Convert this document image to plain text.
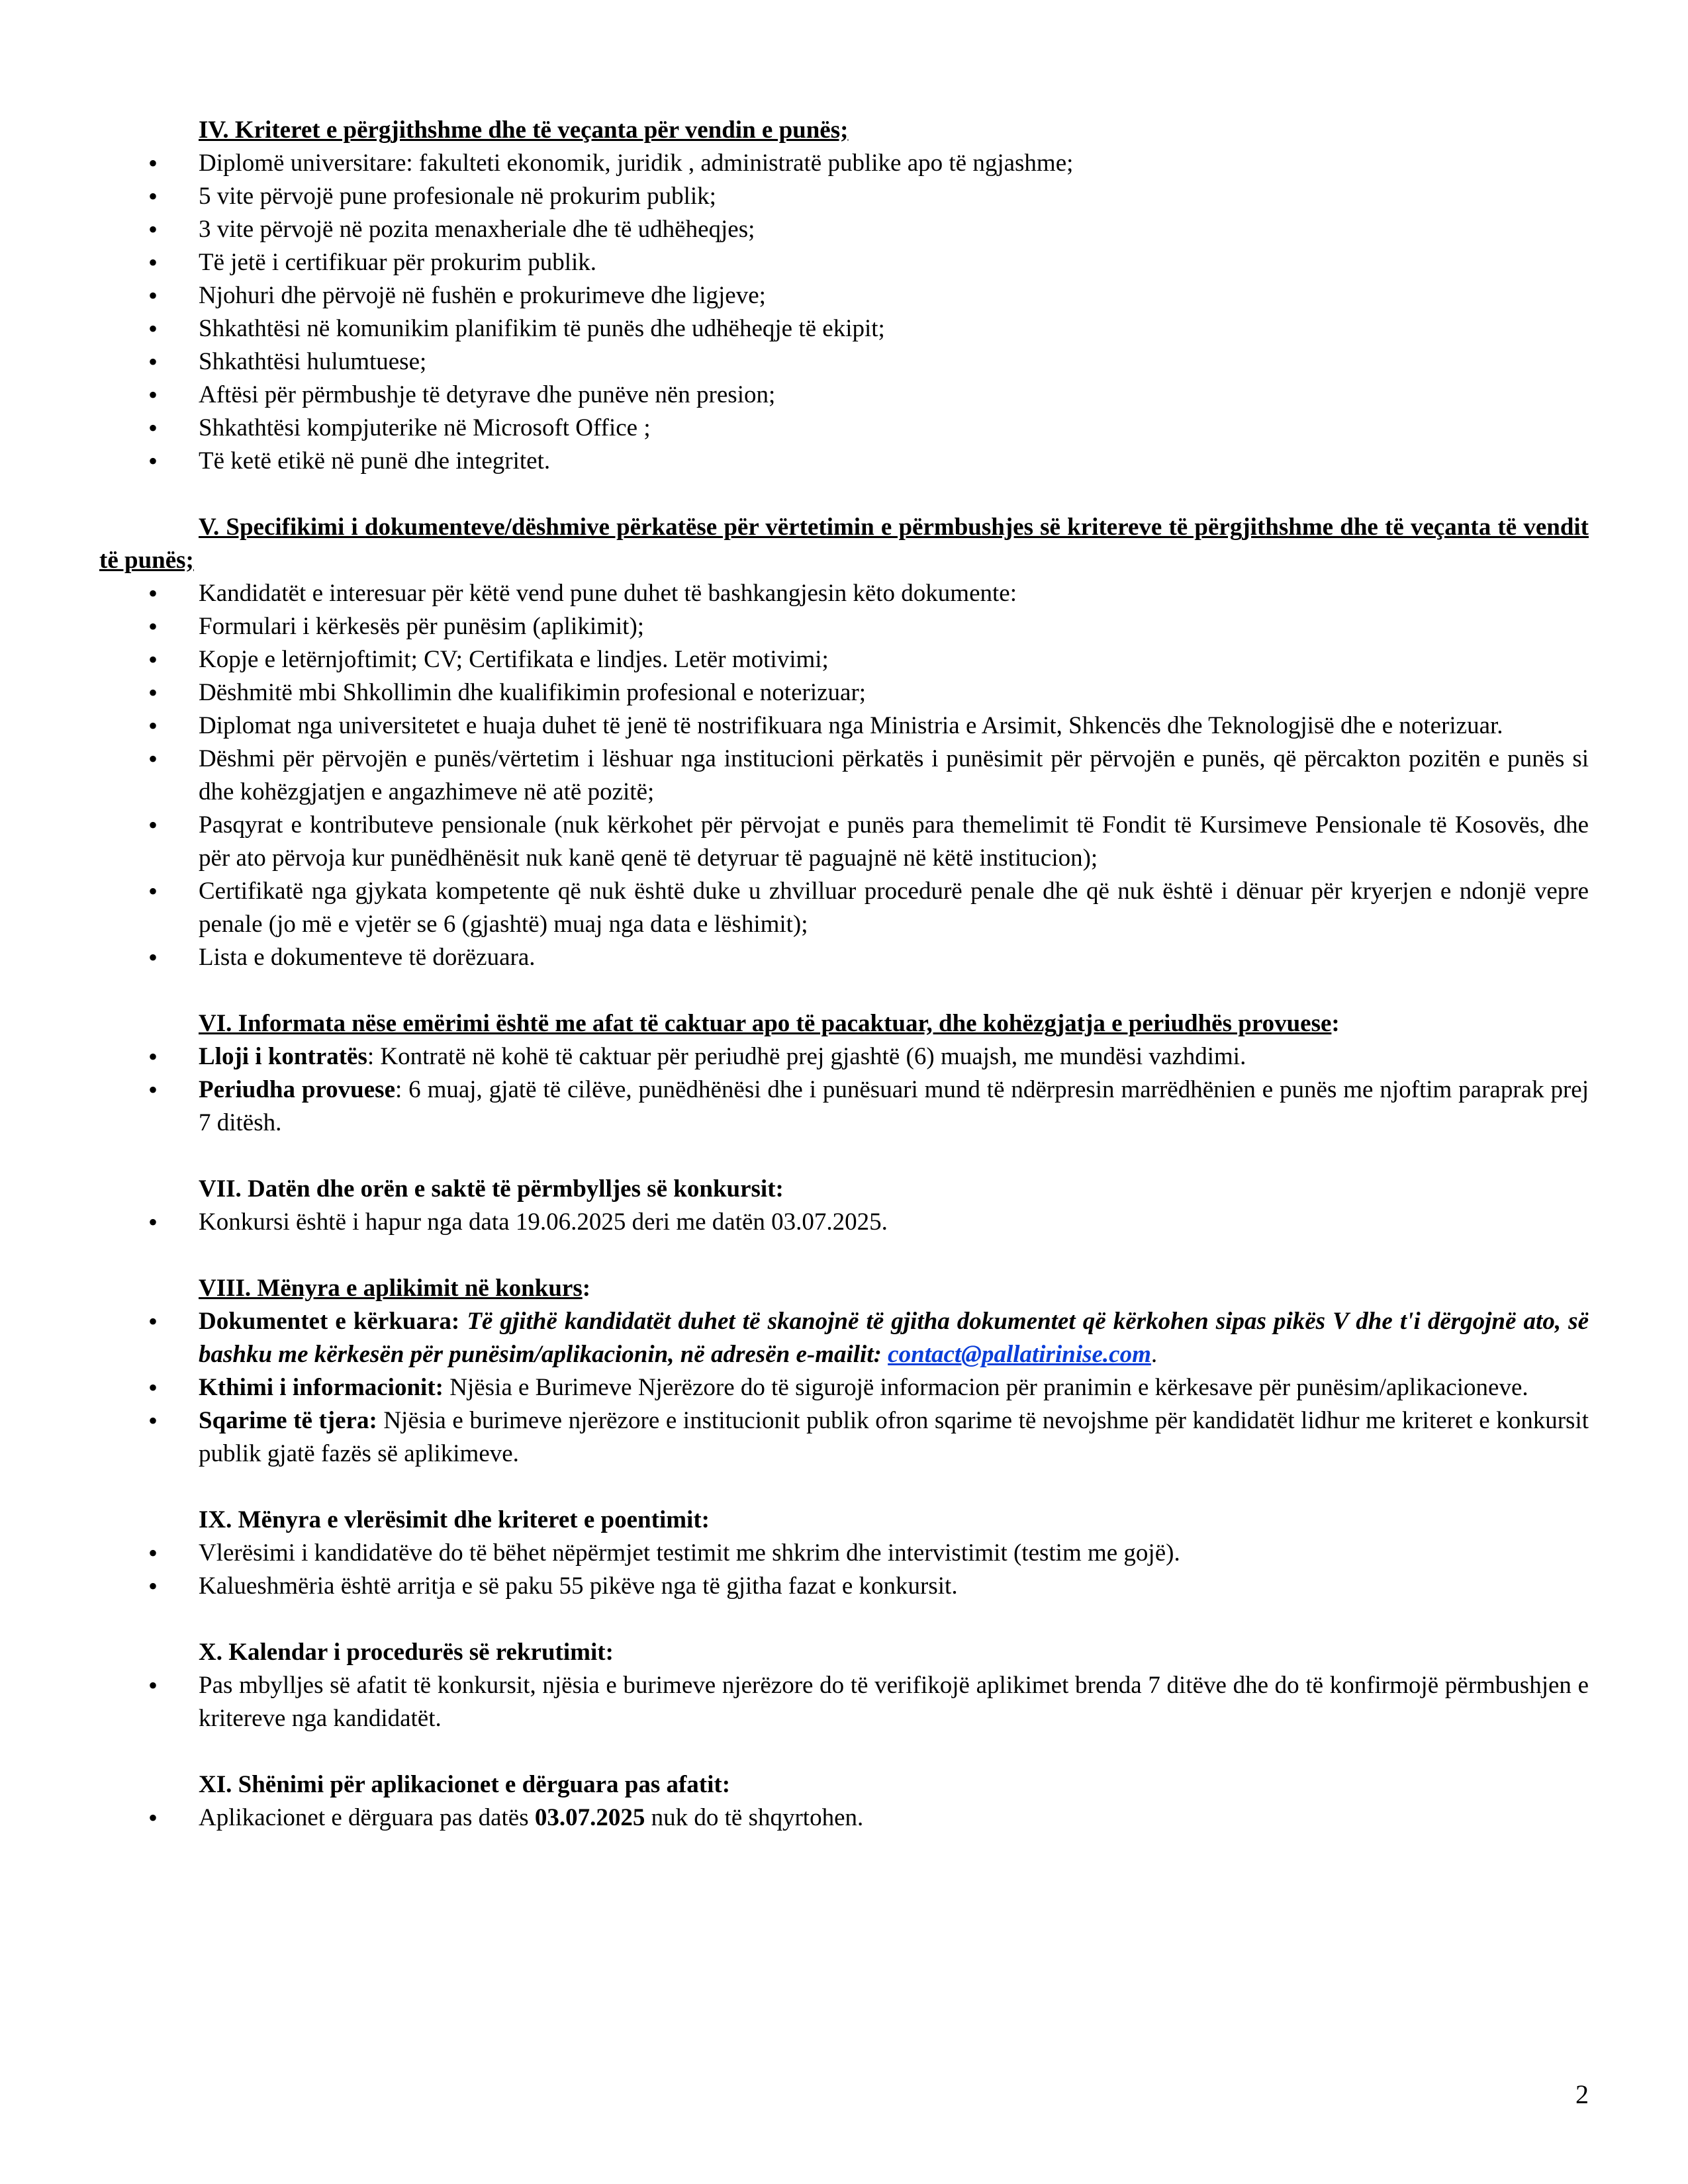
IV. Kriteret e përgjithshme dhe të veçanta për vendin e punës;

• Diplomë universitare: fakulteti ekonomik, juridik , administratë publike apo të ngjashme;
• 5 vite përvojë pune profesionale në prokurim publik;
• 3 vite përvojë në pozita menaxheriale dhe të udhëheqjes;
• Të jetë i certifikuar për prokurim publik.
• Njohuri dhe përvojë në fushën e prokurimeve dhe ligjeve;
• Shkathtësi në komunikim planifikim të punës dhe udhëheqje të ekipit;
• Shkathtësi hulumtuese;
• Aftësi për përmbushje të detyrave dhe punëve nën presion;
• Shkathtësi kompjuterike në Microsoft Office ;
• Të ketë etikë në punë dhe integritet.

V. Specifikimi i dokumenteve/dëshmive përkatëse për vërtetimin e përmbushjes së kritereve të përgjithshme dhe të veçanta të vendit të punës;

• Kandidatët e interesuar për këtë vend pune duhet të bashkangjesin këto dokumente:
• Formulari i kërkesës për punësim (aplikimit);
• Kopje e letërnjoftimit; CV; Certifikata e lindjes. Letër motivimi;
• Dëshmitë mbi Shkollimin dhe kualifikimin profesional e noterizuar;
• Diplomat nga universitetet e huaja duhet të jenë të nostrifikuara nga Ministria e Arsimit, Shkencës dhe Teknologjisë dhe e noterizuar.
• Dëshmi për përvojën e punës/vërtetim i lëshuar nga institucioni përkatës i punësimit për përvojën e punës, që përcakton pozitën e punës si dhe kohëzgjatjen e angazhimeve në atë pozitë;
• Pasqyrat e kontributeve pensionale (nuk kërkohet për përvojat e punës para themelimit të Fondit të Kursimeve Pensionale të Kosovës, dhe për ato përvoja kur punëdhënësit nuk kanë qenë të detyruar të paguajnë në këtë institucion);
• Certifikatë nga gjykata kompetente që nuk është duke u zhvilluar procedurë penale dhe që nuk është i dënuar për kryerjen e ndonjë vepre penale (jo më e vjetër se 6 (gjashtë) muaj nga data e lëshimit);
• Lista e dokumenteve të dorëzuara.

VI. Informata nëse emërimi është me afat të caktuar apo të pacaktuar, dhe kohëzgjatja e periudhës provuese:

• Lloji i kontratës: Kontratë në kohë të caktuar për periudhë prej gjashtë (6) muajsh, me mundësi vazhdimi.
• Periudha provuese: 6 muaj, gjatë të cilëve, punëdhënësi dhe i punësuari mund të ndërpresin marrëdhënien e punës me njoftim paraprak prej 7 ditësh.

VII. Datën dhe orën e saktë të përmbylljes së konkursit:

• Konkursi është i hapur nga data 19.06.2025 deri me datën 03.07.2025.

VIII. Mënyra e aplikimit në konkurs:

• Dokumentet e kërkuara: Të gjithë kandidatët duhet të skanojnë të gjitha dokumentet që kërkohen sipas pikës V dhe t'i dërgojnë ato, së bashku me kërkesën për punësim/aplikacionin, në adresën e-mailit: contact@pallatirinise.com.
• Kthimi i informacionit: Njësia e Burimeve Njerëzore do të sigurojë informacion për pranimin e kërkesave për punësim/aplikacioneve.
• Sqarime të tjera: Njësia e burimeve njerëzore e institucionit publik ofron sqarime të nevojshme për kandidatët lidhur me kriteret e konkursit publik gjatë fazës së aplikimeve.

IX. Mënyra e vlerësimit dhe kriteret e poentimit:

• Vlerësimi i kandidatëve do të bëhet nëpërmjet testimit me shkrim dhe intervistimit (testim me gojë).
• Kalueshmëria është arritja e së paku 55 pikëve nga të gjitha fazat e konkursit.

X. Kalendar i procedurës së rekrutimit:

• Pas mbylljes së afatit të konkursit, njësia e burimeve njerëzore do të verifikojë aplikimet brenda 7 ditëve dhe do të konfirmojë përmbushjen e kritereve nga kandidatët.

XI. Shënimi për aplikacionet e dërguara pas afatit:

• Aplikacionet e dërguara pas datës 03.07.2025 nuk do të shqyrtohen.
2
